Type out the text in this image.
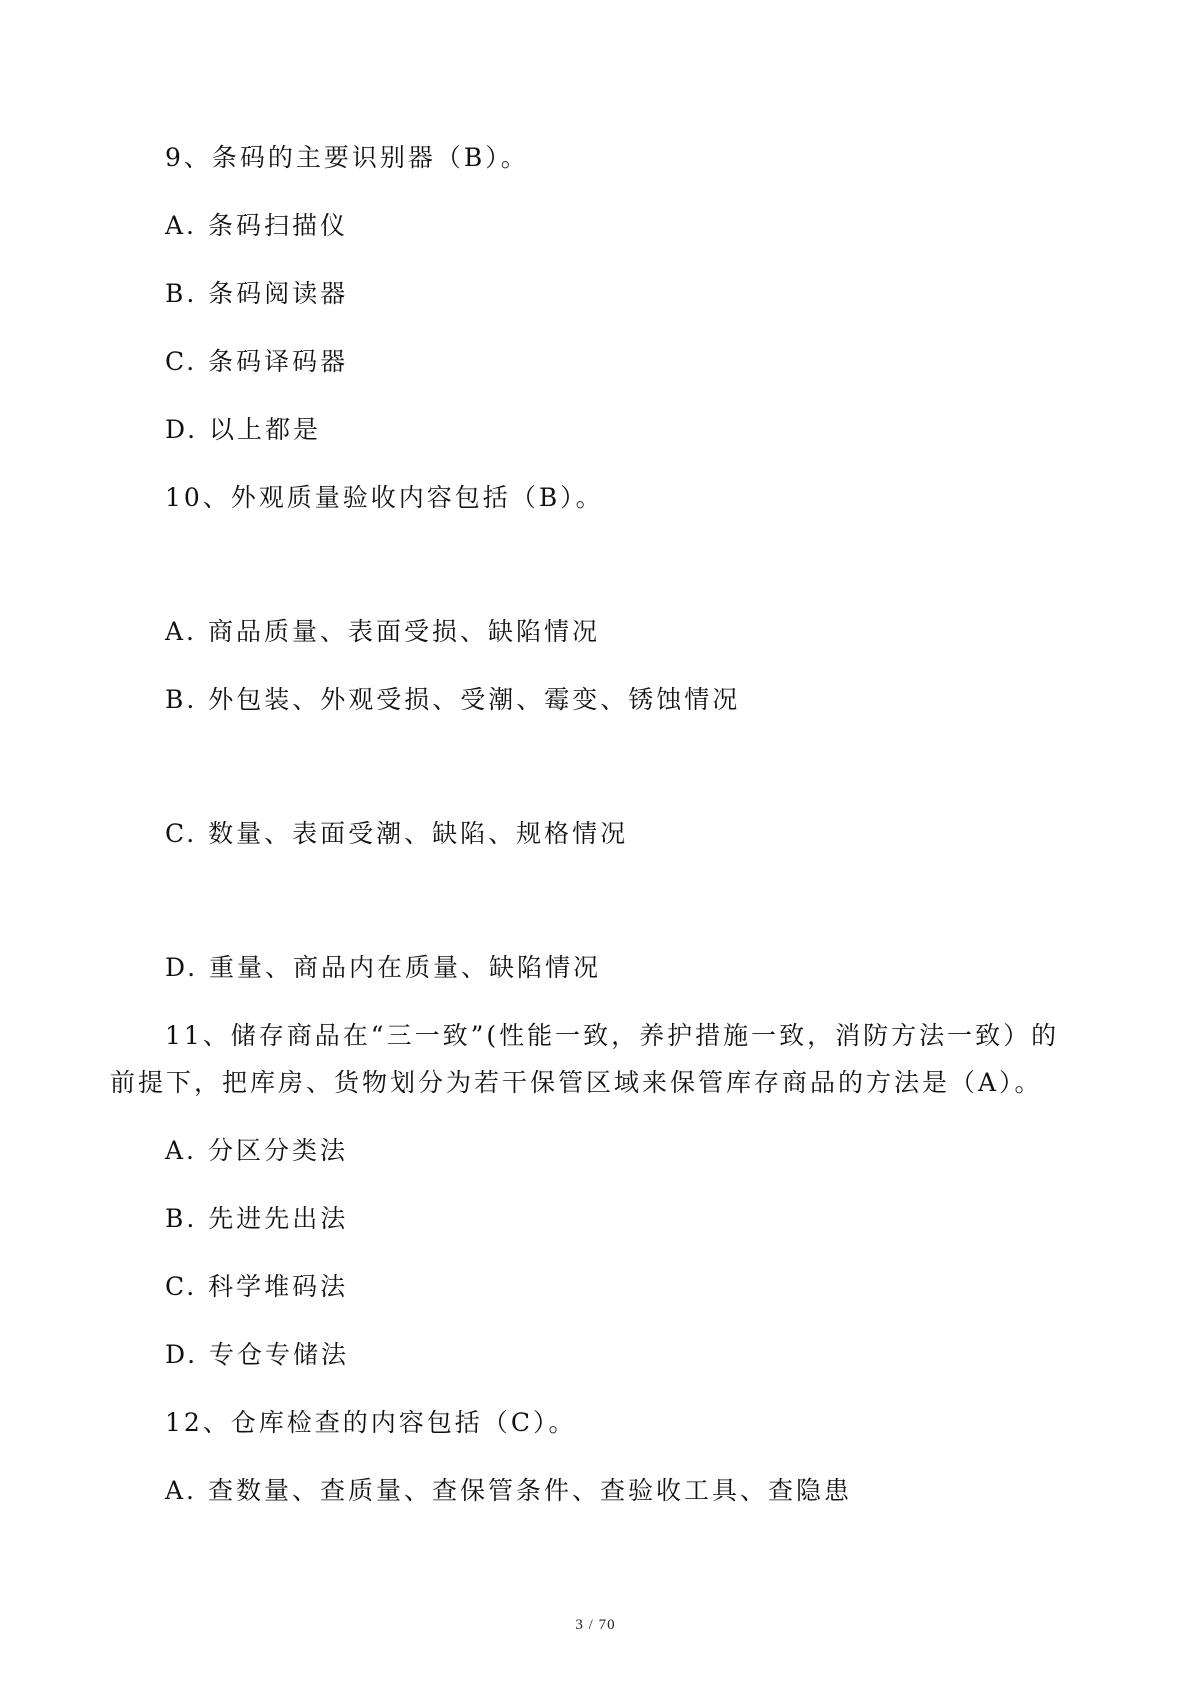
9、条码的主要识别器（B）。
A. 条码扫描仪
B. 条码阅读器
C. 条码译码器
D. 以上都是
10、外观质量验收内容包括（B）。
A. 商品质量、表面受损、缺陷情况
B. 外包装、外观受损、受潮、霉变、锈蚀情况
C. 数量、表面受潮、缺陷、规格情况
D. 重量、商品内在质量、缺陷情况
11、储存商品在“三一致”(性能一致，养护措施一致，消防方法一致）的
前提下，把库房、货物划分为若干保管区域来保管库存商品的方法是（A）。
A. 分区分类法
B. 先进先出法
C. 科学堆码法
D. 专仓专储法
12、仓库检查的内容包括（C）。
A. 查数量、查质量、查保管条件、查验收工具、查隐患
3 / 70
